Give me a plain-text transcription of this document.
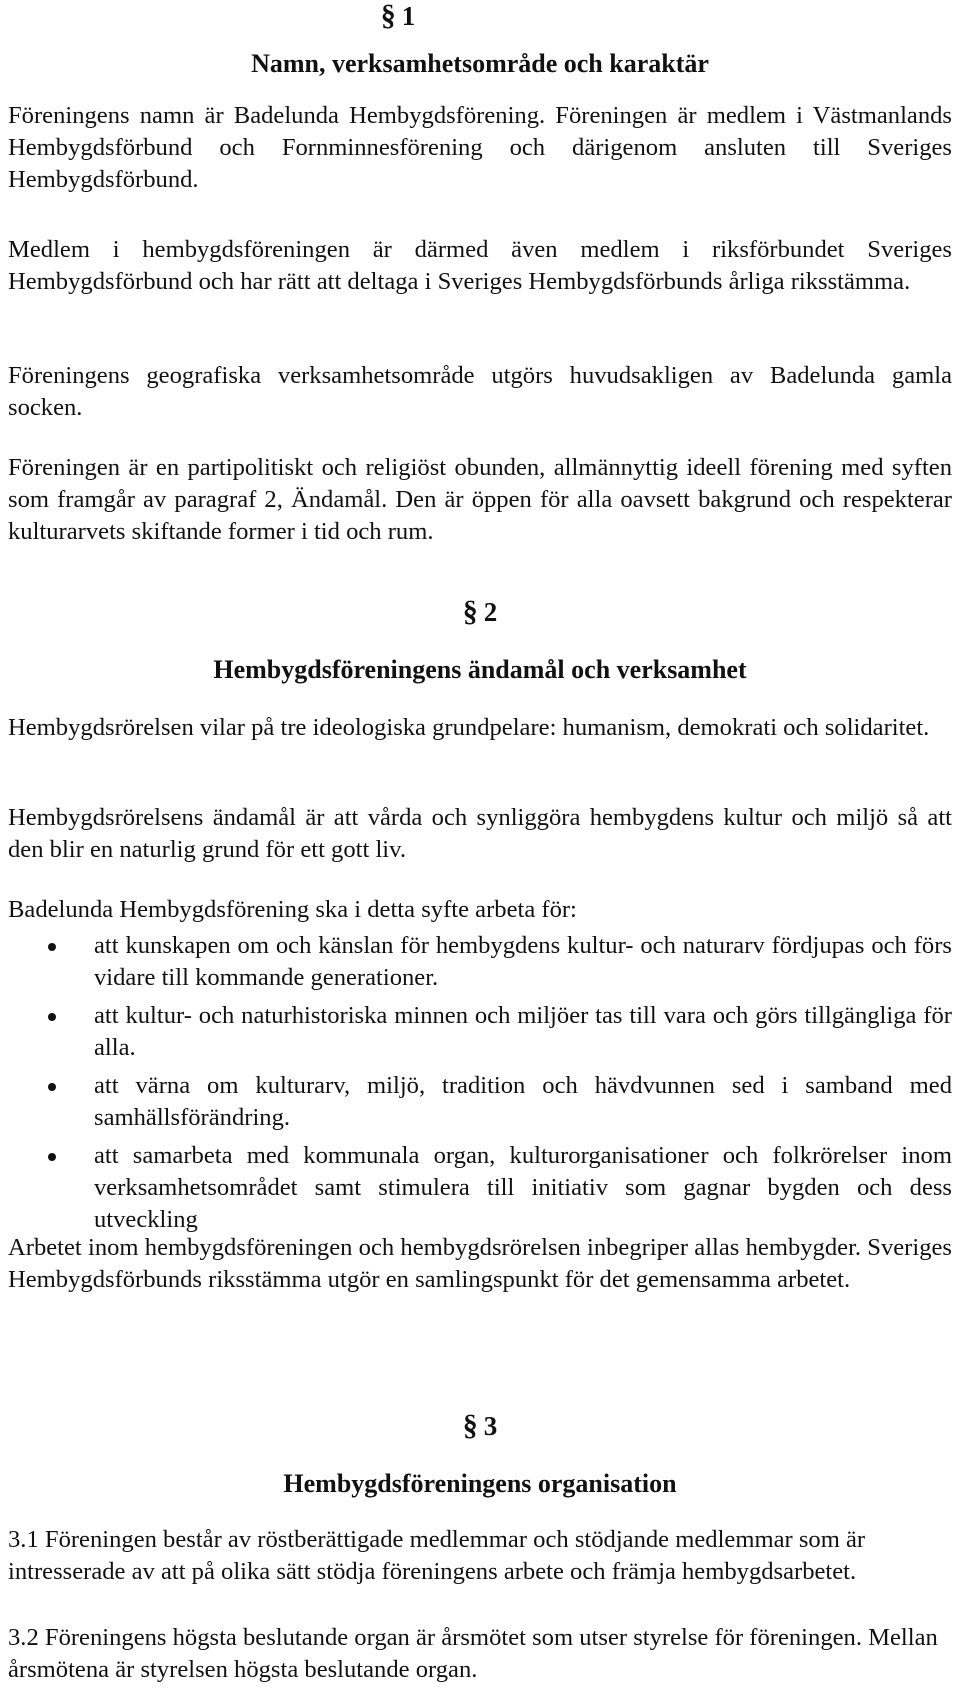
§ 1

Namn, verksamhetsområde och karaktär

Föreningens namn är Badelunda Hembygdsförening. Föreningen är medlem i Västmanlands Hembygdsförbund och Fornminnesförening och därigenom ansluten till Sveriges Hembygdsförbund.

Medlem i hembygdsföreningen är därmed även medlem i riksförbundet Sveriges Hembygdsförbund och har rätt att deltaga i Sveriges Hembygdsförbunds årliga riksstämma.

Föreningens geografiska verksamhetsområde utgörs huvudsakligen av Badelunda gamla socken.

Föreningen är en partipolitiskt och religiöst obunden, allmännyttig ideell förening med syften som framgår av paragraf 2, Ändamål. Den är öppen för alla oavsett bakgrund och respekterar kulturarvets skiftande former i tid och rum.

§ 2

Hembygdsföreningens ändamål och verksamhet

Hembygdsrörelsen vilar på tre ideologiska grundpelare: humanism, demokrati och solidaritet.

Hembygdsrörelsens ändamål är att vårda och synliggöra hembygdens kultur och miljö så att den blir en naturlig grund för ett gott liv.

Badelunda Hembygdsförening ska i detta syfte arbeta för:

att kunskapen om och känslan för hembygdens kultur- och naturarv fördjupas och förs vidare till kommande generationer.
att kultur- och naturhistoriska minnen och miljöer tas till vara och görs tillgängliga för alla.
att värna om kulturarv, miljö, tradition och hävdvunnen sed i samband med samhällsförändring.
att samarbeta med kommunala organ, kulturorganisationer och folkrörelser inom verksamhetsområdet samt stimulera till initiativ som gagnar bygden och dess utveckling

Arbetet inom hembygdsföreningen och hembygdsrörelsen inbegriper allas hembygder. Sveriges Hembygdsförbunds riksstämma utgör en samlingspunkt för det gemensamma arbetet.

§ 3

Hembygdsföreningens organisation

3.1 Föreningen består av röstberättigade medlemmar och stödjande medlemmar som är intresserade av att på olika sätt stödja föreningens arbete och främja hembygdsarbetet.

3.2 Föreningens högsta beslutande organ är årsmötet som utser styrelse för föreningen. Mellan årsmötena är styrelsen högsta beslutande organ.
